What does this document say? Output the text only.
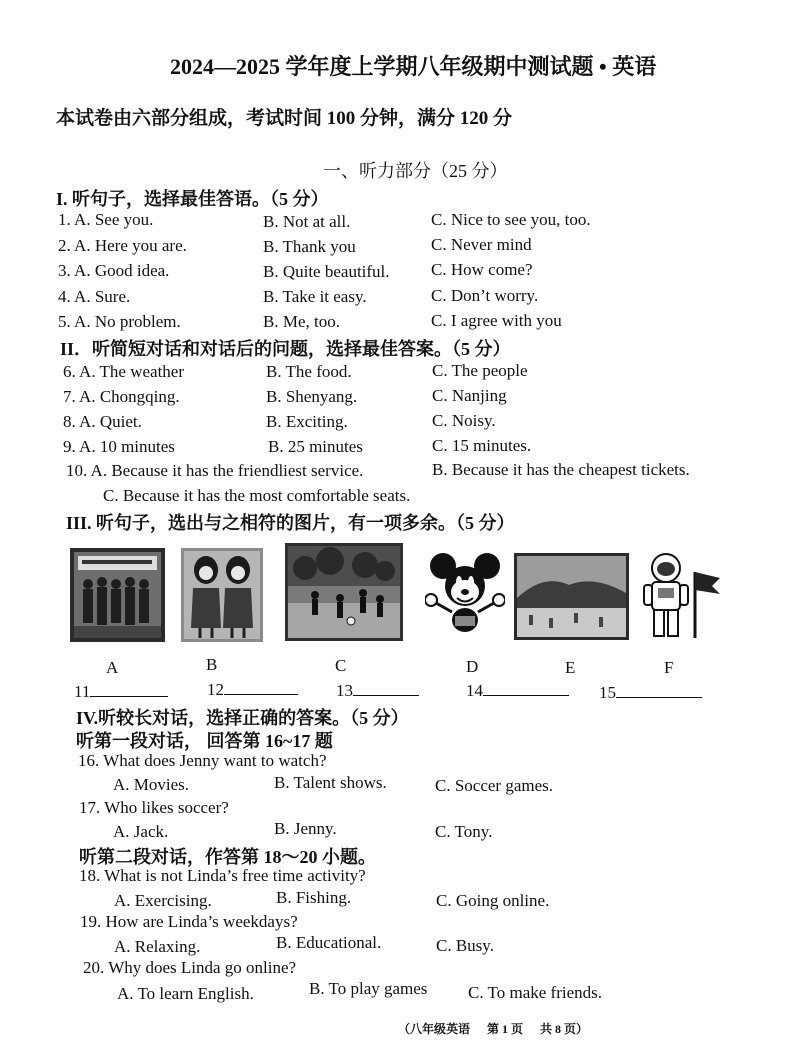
2024—2025 学年度上学期八年级期中测试题 • 英语
本试卷由六部分组成，考试时间 100 分钟，满分 120 分
一、听力部分（25 分）
I. 听句子，选择最佳答语。（5 分）
1. A. See you.	B. Not at all.	C. Nice to see you, too.
2. A. Here you are.	B. Thank you	C. Never mind
3. A. Good idea.	B. Quite beautiful. C. How come?
4. A. Sure.	B. Take it easy.	C. Don’t worry.
5. A. No problem.	B. Me, too.	C. I agree with you
II．听简短对话和对话后的问题，选择最佳答案。（5 分）
6. A. The weather	B. The food.	C. The people
7. A. Chongqing.	B. Shenyang.	C. Nanjing
8. A. Quiet.	B. Exciting.	C. Noisy.
9. A. 10 minutes	B. 25 minutes	C. 15 minutes.
10. A. Because it has the friendliest service.	B. Because it has the cheapest tickets.
C. Because it has the most comfortable seats.
III. 听句子，选出与之相符的图片，有一项多余。（5 分）
A	B	C	D	E	F
11	12	13	14	15
IV.听较长对话，选择正确的答案。（5 分）
听第一段对话， 回答第 16~17 题
16. What does Jenny want to watch?
A. Movies.	B. Talent shows.	C. Soccer games.
17. Who likes soccer?
A. Jack.	B. Jenny.	C. Tony.
听第二段对话，作答第 18～20 小题。
18. What is not Linda’s free time activity?
A. Exercising.	B. Fishing.	C. Going online.
19. How are Linda’s weekdays?
A. Relaxing.	B. Educational.	C. Busy.
20. Why does Linda go online?
A. To learn English.	B. To play games C. To make friends.
（八年级英语 第 1 页 共 8 页）
